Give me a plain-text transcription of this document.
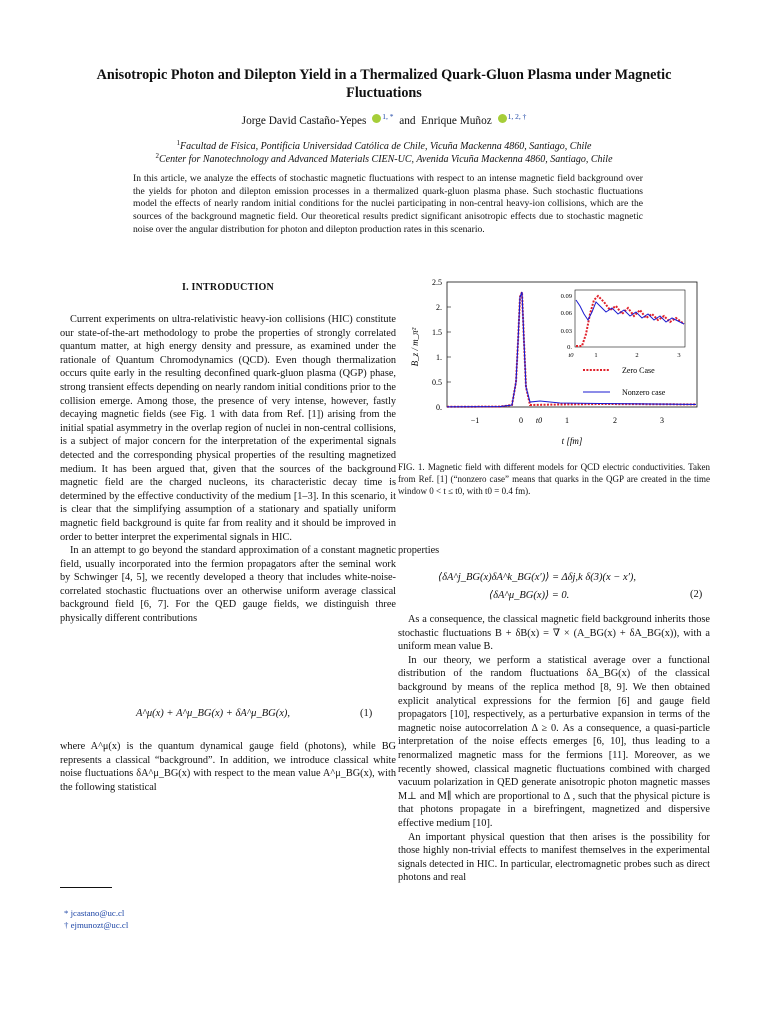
Anisotropic Photon and Dilepton Yield in a Thermalized Quark-Gluon Plasma under Magnetic Fluctuations
Jorge David Castaño-Yepes $^{1, *}$ and Enrique Muñoz $^{1, 2, \dagger}$
$^1$Facultad de Física, Pontificia Universidad Católica de Chile, Vicuña Mackenna 4860, Santiago, Chile
$^2$Center for Nanotechnology and Advanced Materials CIEN-UC, Avenida Vicuña Mackenna 4860, Santiago, Chile
In this article, we analyze the effects of stochastic magnetic fluctuations with respect to an intense magnetic field background over the yields for photon and dilepton emission processes in a thermalized quark-gluon plasma phase. Such stochastic fluctuations model the effects of nearly random initial conditions for the nuclei participating in non-central heavy-ion collisions, which are the sources of the background magnetic field. Our theoretical results predict significant anisotropic effects due to stochastic magnetic noise over the angular distribution for photon and dilepton production rates in this scenario.
I. INTRODUCTION

Current experiments on ultra-relativistic heavy-ion collisions (HIC) constitute our state-of-the-art methodology to probe the properties of strongly correlated quantum matter, at high energy density and pressure, as examined under the rationale of Quantum Chromodynamics (QCD). Even though thermalization occurs quite early in the resulting deconfined quark-gluon plasma (QGP) phase, strong transient effects depending on nearly random initial conditions prior to the collision emerge. Among those, the presence of very intense, however, fastly decaying magnetic fields (see Fig. 1 with data from Ref. [1]) arising from the initial spatial asymmetry in the overlap region of nuclei in non-central collisions, is a subject of major concern for the interpretation of the experimental signals detected and the corresponding physical properties of the resulting magnetized medium. It has been argued that, given that the sources of the background magnetic field are the charged nucleons, its characteristic decay time is determined by the effective conductivity of the medium [1–3]. In this scenario, it is clear that the simplifying assumption of a stationary and spatially uniform magnetic field background is quite far from reality and it should be improved in order to better interpret the experimental signals in HIC.

In an attempt to go beyond the standard approximation of a constant magnetic field, usually incorporated into the fermion propagators after the seminal work by Schwinger [4, 5], we recently developed a theory that includes white-noise-correlated stochastic fluctuations over an otherwise uniform average classical background field [6, 7]. For the QED gauge fields, we distinguish three physically different contributions

A^μ(x) + A^μ_BG(x) + δA^μ_BG(x),	(1)

where A^μ(x) is the quantum dynamical gauge field (photons), while BG represents a classical “background”. In addition, we introduce classical white noise fluctuations δA^μ_BG(x) with respect to the mean value A^μ_BG(x), with the following statistical

* jcastano@uc.cl
† ejmunozt@uc.cl
0.
0.5
1.
1.5
2.
2.5
−1	0 t0	1	2	3
t [fm]
B_z / m_π²	0.
0.03
0.06
0.09
t0	1	2	3
Zero Case
Nonzero case
FIG. 1. Magnetic field with different models for QCD electric conductivities. Taken from Ref. [1] (“nonzero case” means that quarks in the QGP are created in the time window 0 < t ≤ t0, with t0 = 0.4 fm).
properties
⟨δA^j_BG(x)δA^k_BG(x′)⟩ = Δδj,k δ(3)(x − x′),
⟨δA^μ_BG(x)⟩ = 0.	(2)

As a consequence, the classical magnetic field background inherits those stochastic fluctuations B + δB(x) = ∇ × (A_BG(x) + δA_BG(x)), with a uniform mean value B.

In our theory, we perform a statistical average over a functional distribution of the random fluctuations δA_BG(x) of the classical background by means of the replica method [8, 9]. We then obtained explicit analytical expressions for the fermion [6] and gauge field propagators [10], respectively, as a perturbative expansion in terms of the magnetic noise autocorrelation Δ ≥ 0. As a consequence, a quasi-particle interpretation of the noise effects emerges [6, 10], thus leading to a renormalized magnetic mass for the fermions [11]. Moreover, as we recently showed, classical magnetic fluctuations combined with charged vacuum polarization in QED generate anisotropic photon magnetic masses M⊥ and M∥ which are proportional to Δ , such that the physical picture is that photons propagate in a birefringent, magnetized and dispersive effective medium [10].

An important physical question that then arises is the possibility for those highly non-trivial effects to manifest themselves in the experimental signals detected in HIC. In particular, electromagnetic probes such as direct photons and real
